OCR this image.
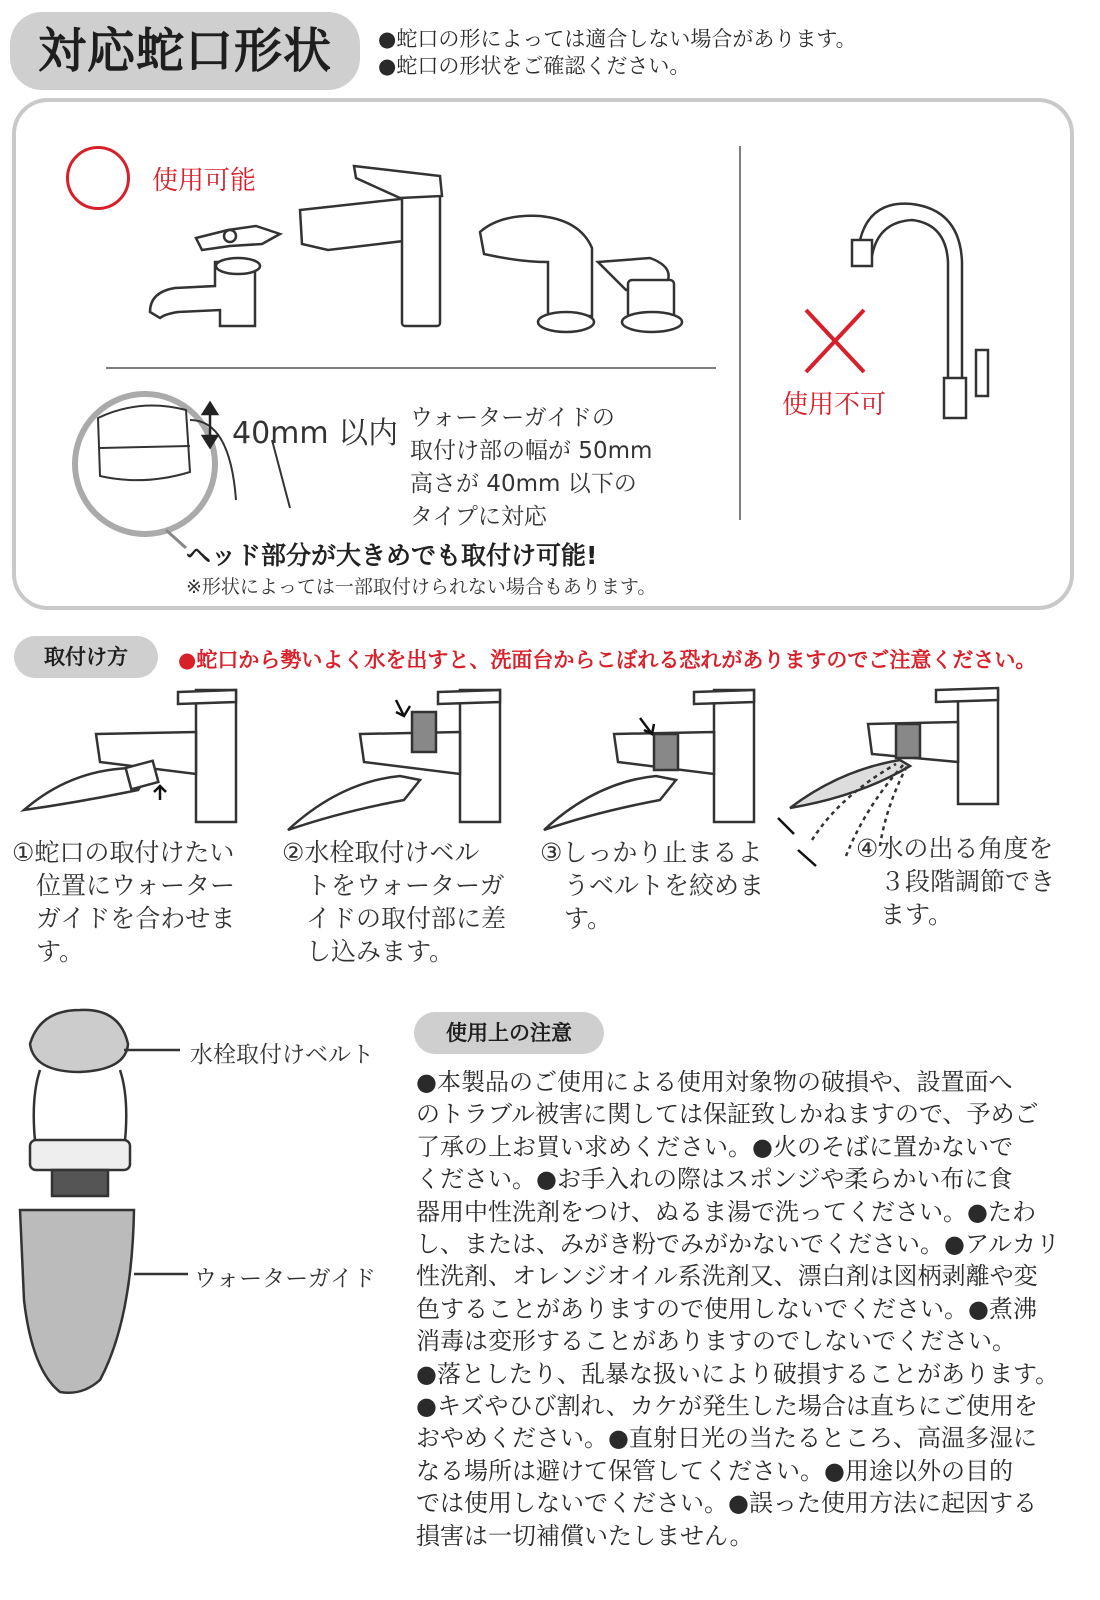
対応蛇口形状	●蛇口の形によっては適合しない場合があります。
●蛇口の形状をご確認ください。
使用可能
使用不可
40mm 以内 ウォーターガイドの
取付け部の幅が 50mm
高さが 40mm 以下の
タイプに対応
ヘッド部分が大きめでも取付け可能!
※形状によっては一部取付けられない場合もあります。
取付け方	●蛇口から勢いよく水を出すと、洗面台からこぼれる恐れがありますのでご注意ください。
①蛇口の取付けたい
位置にウォーター
ガイドを合わせま
す。
②水栓取付けベル
トをウォーターガ
イドの取付部に差
し込みます。
③しっかり止まるよ
うベルトを絞めま
す。
④水の出る角度を
３段階調節でき
ます。
水栓取付けベルト
ウォーターガイド
使用上の注意
●本製品のご使用による使用対象物の破損や、設置面へ
のトラブル被害に関しては保証致しかねますので、予めご
了承の上お買い求めください。●火のそばに置かないで
ください。●お手入れの際はスポンジや柔らかい布に食
器用中性洗剤をつけ、ぬるま湯で洗ってください。●たわ
し、または、みがき粉でみがかないでください。●アルカリ
性洗剤、オレンジオイル系洗剤又、漂白剤は図柄剥離や変
色することがありますので使用しないでください。●煮沸
消毒は変形することがありますのでしないでください。
●落としたり、乱暴な扱いにより破損することがあります。
●キズやひび割れ、カケが発生した場合は直ちにご使用を
おやめください。●直射日光の当たるところ、高温多湿に
なる場所は避けて保管してください。●用途以外の目的
では使用しないでください。●誤った使用方法に起因する
損害は一切補償いたしません。
